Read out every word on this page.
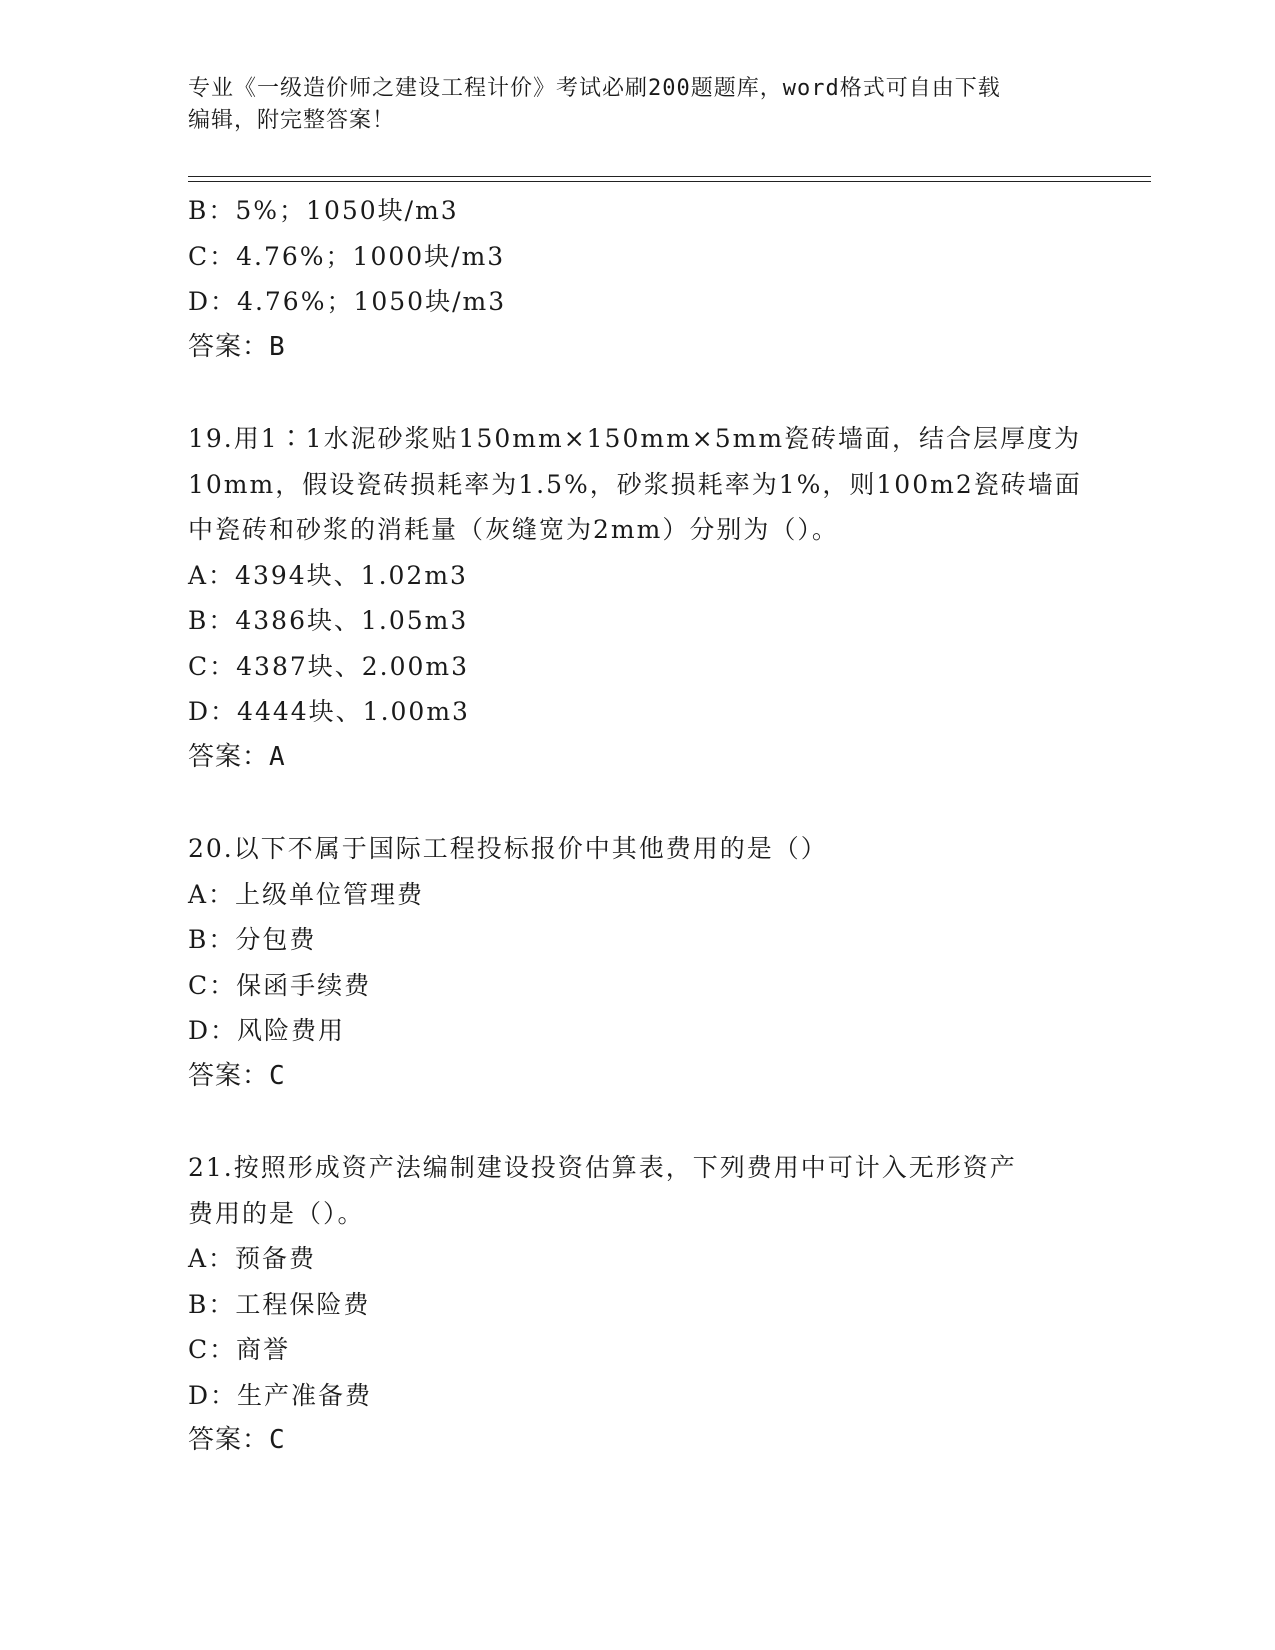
专业《一级造价师之建设工程计价》考试必刷200题题库，word格式可自由下载
编辑，附完整答案！
B：5%；1050块/m3
C：4.76%；1000块/m3
D：4.76%；1050块/m3
答案：B
19.用1∶1水泥砂浆贴150mm×150mm×5mm瓷砖墙面，结合层厚度为
10mm，假设瓷砖损耗率为1.5%，砂浆损耗率为1%，则100m2瓷砖墙面
中瓷砖和砂浆的消耗量（灰缝宽为2mm）分别为（）。
A：4394块、1.02m3
B：4386块、1.05m3
C：4387块、2.00m3
D：4444块、1.00m3
答案：A
20.以下不属于国际工程投标报价中其他费用的是（）
A：上级单位管理费
B：分包费
C：保函手续费
D：风险费用
答案：C
21.按照形成资产法编制建设投资估算表，下列费用中可计入无形资产
费用的是（）。
A：预备费
B：工程保险费
C：商誉
D：生产准备费
答案：C
